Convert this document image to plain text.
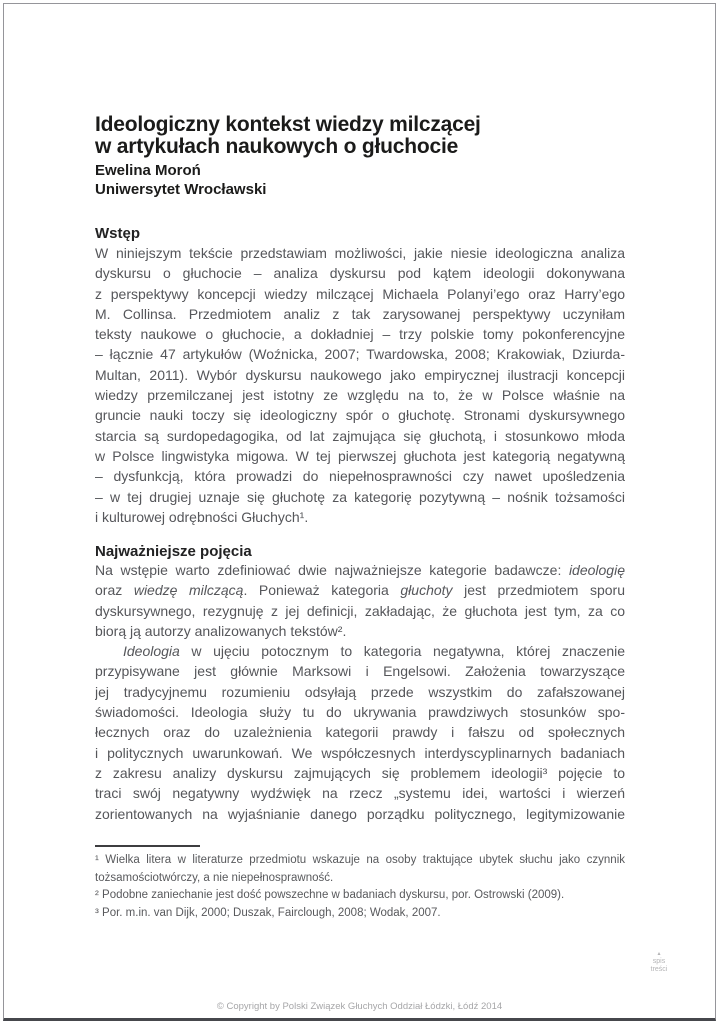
Ideologiczny kontekst wiedzy milczącej
w artykułach naukowych o głuchocie
Ewelina Moroń
Uniwersytet Wrocławski
Wstęp
W niniejszym tekście przedstawiam możliwości, jakie niesie ideologiczna analiza
dyskursu o głuchocie – analiza dyskursu pod kątem ideologii dokonywana
z perspektywy koncepcji wiedzy milczącej Michaela Polanyi’ego oraz Harry’ego
M. Collinsa. Przedmiotem analiz z tak zarysowanej perspektywy uczyniłam
teksty naukowe o głuchocie, a dokładniej – trzy polskie tomy pokonferencyjne
– łącznie 47 artykułów (Woźnicka, 2007; Twardowska, 2008; Krakowiak, Dziurda-
Multan, 2011). Wybór dyskursu naukowego jako empirycznej ilustracji koncepcji
wiedzy przemilczanej jest istotny ze względu na to, że w Polsce właśnie na
gruncie nauki toczy się ideologiczny spór o głuchotę. Stronami dyskursywnego
starcia są surdopedagogika, od lat zajmująca się głuchotą, i stosunkowo młoda
w Polsce lingwistyka migowa. W tej pierwszej głuchota jest kategorią negatywną
– dysfunkcją, która prowadzi do niepełnosprawności czy nawet upośledzenia
– w tej drugiej uznaje się głuchotę za kategorię pozytywną – nośnik tożsamości
i kulturowej odrębności Głuchych¹.
Najważniejsze pojęcia
Na wstępie warto zdefiniować dwie najważniejsze kategorie badawcze: ideologię
oraz wiedzę milczącą. Ponieważ kategoria głuchoty jest przedmiotem sporu
dyskursywnego, rezygnuję z jej definicji, zakładając, że głuchota jest tym, za co
biorą ją autorzy analizowanych tekstów².
Ideologia w ujęciu potocznym to kategoria negatywna, której znaczenie
przypisywane jest głównie Marksowi i Engelsowi. Założenia towarzyszące
jej tradycyjnemu rozumieniu odsyłają przede wszystkim do zafałszowanej
świadomości. Ideologia służy tu do ukrywania prawdziwych stosunków spo-
łecznych oraz do uzależnienia kategorii prawdy i fałszu od społecznych
i politycznych uwarunkowań. We współczesnych interdyscyplinarnych badaniach
z zakresu analizy dyskursu zajmujących się problemem ideologii³ pojęcie to
traci swój negatywny wydźwięk na rzecz „systemu idei, wartości i wierzeń
zorientowanych na wyjaśnianie danego porządku politycznego, legitymizowanie
¹ Wielka litera w literaturze przedmiotu wskazuje na osoby traktujące ubytek słuchu jako czynnik
tożsamościotwórczy, a nie niepełnosprawność.
² Podobne zaniechanie jest dość powszechne w badaniach dyskursu, por. Ostrowski (2009).
³ Por. m.in. van Dijk, 2000; Duszak, Fairclough, 2008; Wodak, 2007.
▴
spis
treści
© Copyright by Polski Związek Głuchych Oddział Łódzki, Łódź 2014
